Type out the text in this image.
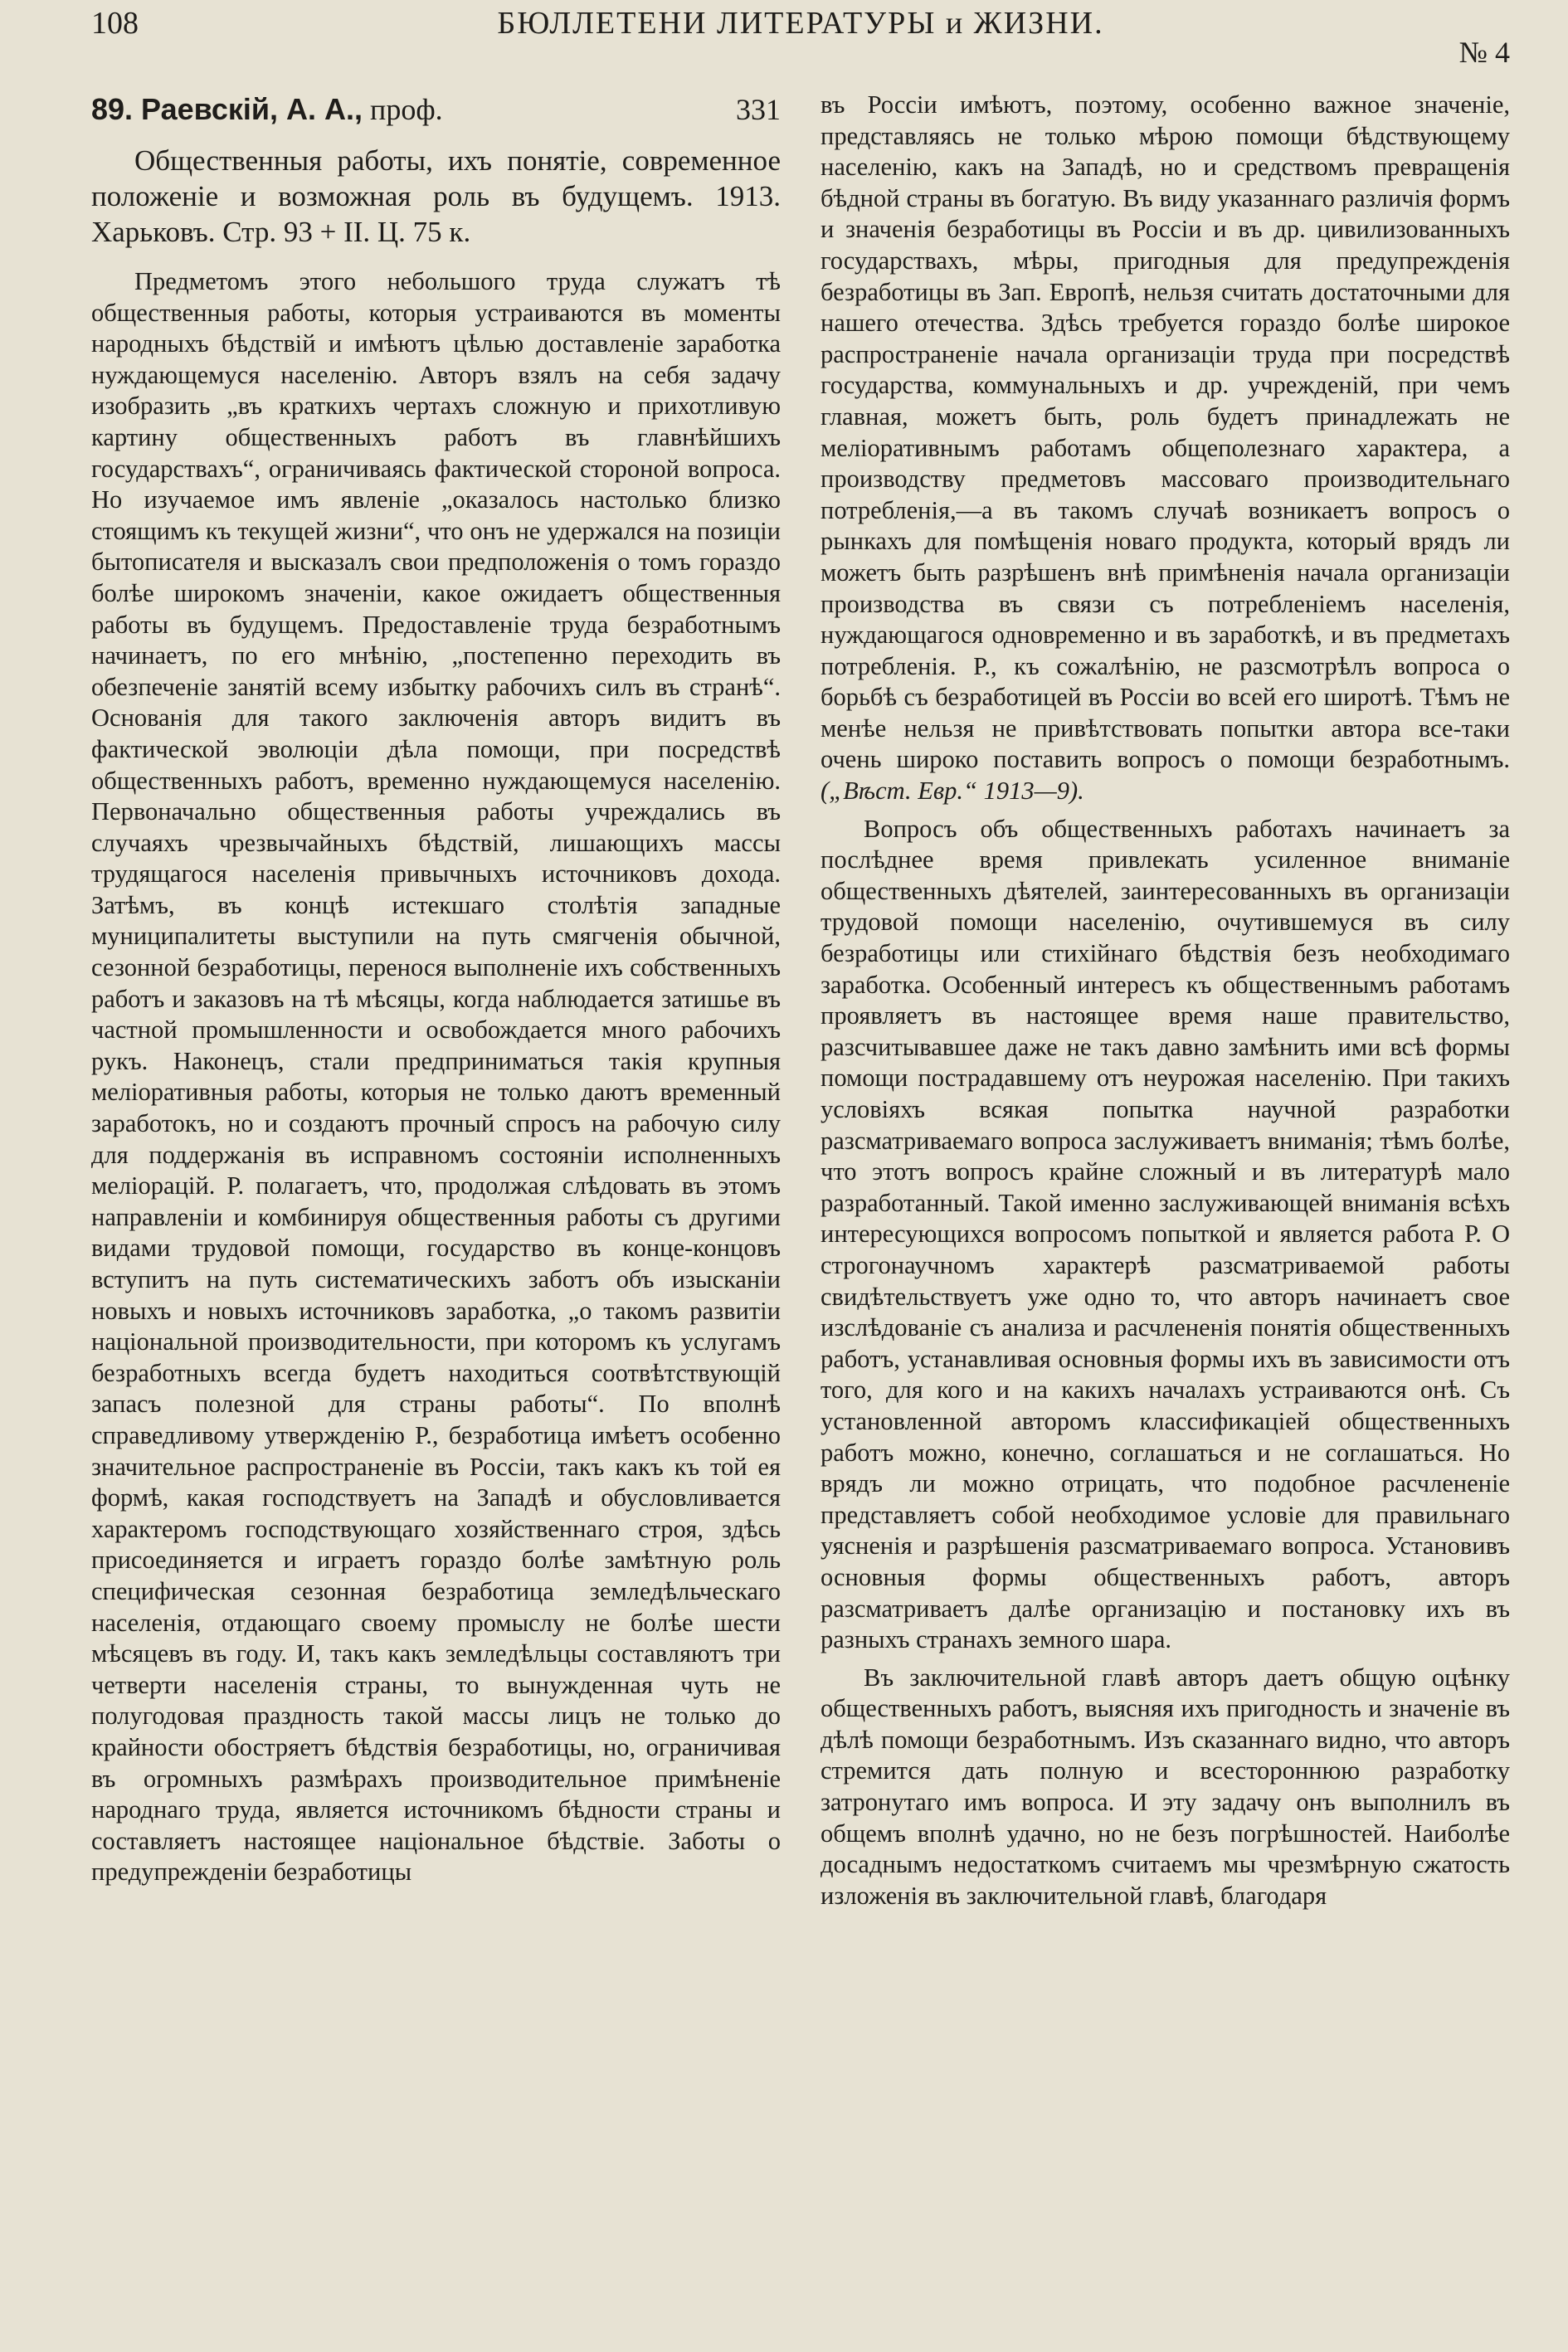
108	БЮЛЛЕТЕНИ ЛИТЕРАТУРЫ и ЖИЗНИ.
№ 4
89. Раевскій, А. А., проф.	331

Общественныя работы, ихъ понятіе, современное положеніе и возможная роль въ будущемъ. 1913. Харьковъ. Стр. 93 + II. Ц. 75 к.

Предметомъ этого небольшого труда служатъ тѣ общественныя работы, которыя устраиваются въ моменты народныхъ бѣдствій и имѣютъ цѣлью доставленіе заработка нуждающемуся населенію. Авторъ взялъ на себя задачу изобразить „въ краткихъ чертахъ сложную и прихотливую картину общественныхъ работъ въ главнѣйшихъ государствахъ“, ограничиваясь фактической стороной вопроса. Но изучаемое имъ явленіе „оказалось настолько близко стоящимъ къ текущей жизни“, что онъ не удержался на позиціи бытописателя и высказалъ свои предположенія о томъ гораздо болѣе широкомъ значеніи, какое ожидаетъ общественныя работы въ будущемъ. Предоставленіе труда безработнымъ начинаетъ, по его мнѣнію, „постепенно переходить въ обезпеченіе занятій всему избытку рабочихъ силъ въ странѣ“. Основанія для такого заключенія авторъ видитъ въ фактической эволюціи дѣла помощи, при посредствѣ общественныхъ работъ, временно нуждающемуся населенію. Первоначально общественныя работы учреждались въ случаяхъ чрезвычайныхъ бѣдствій, лишающихъ массы трудящагося населенія привычныхъ источниковъ дохода. Затѣмъ, въ концѣ истекшаго столѣтія западные муниципалитеты выступили на путь смягченія обычной, сезонной безработицы, перенося выполненіе ихъ собственныхъ работъ и заказовъ на тѣ мѣсяцы, когда наблюдается затишье въ частной промышленности и освобождается много рабочихъ рукъ. Наконецъ, стали предприниматься такія крупныя меліоративныя работы, которыя не только даютъ временный заработокъ, но и создаютъ прочный спросъ на рабочую силу для поддержанія въ исправномъ состояніи исполненныхъ меліорацій. Р. полагаетъ, что, продолжая слѣдовать въ этомъ направленіи и комбинируя общественныя работы съ другими видами трудовой помощи, государство въ конце-концовъ вступитъ на путь систематическихъ заботъ объ изысканіи новыхъ и новыхъ источниковъ заработка, „о такомъ развитіи національной производительности, при которомъ къ услугамъ безработныхъ всегда будетъ находиться соотвѣтствующій запасъ полезной для страны работы“. По вполнѣ справедливому утвержденію Р., безработица имѣетъ особенно значительное распространеніе въ Россіи, такъ какъ къ той ея формѣ, какая господствуетъ на Западѣ и обусловливается характеромъ господствующаго хозяйственнаго строя, здѣсь присоединяется и играетъ гораздо болѣе замѣтную роль специфическая сезонная безработица земледѣльческаго населенія, отдающаго своему промыслу не болѣе шести мѣсяцевъ въ году. И, такъ какъ земледѣльцы составляютъ три четверти населенія страны, то вынужденная чуть не полугодовая праздность такой массы лицъ не только до крайности обостряетъ бѣдствія безработицы, но, ограничивая въ огромныхъ размѣрахъ производительное примѣненіе народнаго труда, является источникомъ бѣдности страны и составляетъ настоящее національное бѣдствіе. Заботы о предупрежденіи безработицы

въ Россіи имѣютъ, поэтому, особенно важное значеніе, представляясь не только мѣрою помощи бѣдствующему населенію, какъ на Западѣ, но и средствомъ превращенія бѣдной страны въ богатую. Въ виду указаннаго различія формъ и значенія безработицы въ Россіи и въ др. цивилизованныхъ государствахъ, мѣры, пригодныя для предупрежденія безработицы въ Зап. Европѣ, нельзя считать достаточными для нашего отечества. Здѣсь требуется гораздо болѣе широкое распространеніе начала организаціи труда при посредствѣ государства, коммунальныхъ и др. учрежденій, при чемъ главная, можетъ быть, роль будетъ принадлежать не меліоративнымъ работамъ общеполезнаго характера, а производству предметовъ массоваго производительнаго потребленія,—а въ такомъ случаѣ возникаетъ вопросъ о рынкахъ для помѣщенія новаго продукта, который врядъ ли можетъ быть разрѣшенъ внѣ примѣненія начала организаціи производства въ связи съ потребленіемъ населенія, нуждающагося одновременно и въ заработкѣ, и въ предметахъ потребленія. Р., къ сожалѣнію, не разсмотрѣлъ вопроса о борьбѣ съ безработицей въ Россіи во всей его широтѣ. Тѣмъ не менѣе нельзя не привѣтствовать попытки автора все-таки очень широко поставить вопросъ о помощи безработнымъ. („Вѣст. Евр.“ 1913—9).

Вопросъ объ общественныхъ работахъ начинаетъ за послѣднее время привлекать усиленное вниманіе общественныхъ дѣятелей, заинтересованныхъ въ организаціи трудовой помощи населенію, очутившемуся въ силу безработицы или стихійнаго бѣдствія безъ необходимаго заработка. Особенный интересъ къ общественнымъ работамъ проявляетъ въ настоящее время наше правительство, разсчитывавшее даже не такъ давно замѣнить ими всѣ формы помощи пострадавшему отъ неурожая населенію. При такихъ условіяхъ всякая попытка научной разработки разсматриваемаго вопроса заслуживаетъ вниманія; тѣмъ болѣе, что этотъ вопросъ крайне сложный и въ литературѣ мало разработанный. Такой именно заслуживающей вниманія всѣхъ интересующихся вопросомъ попыткой и является работа Р. О строгонаучномъ характерѣ разсматриваемой работы свидѣтельствуетъ уже одно то, что авторъ начинаетъ свое изслѣдованіе съ анализа и расчлененія понятія общественныхъ работъ, устанавливая основныя формы ихъ въ зависимости отъ того, для кого и на какихъ началахъ устраиваются онѣ. Съ установленной авторомъ классификаціей общественныхъ работъ можно, конечно, соглашаться и не соглашаться. Но врядъ ли можно отрицать, что подобное расчлененіе представляетъ собой необходимое условіе для правильнаго уясненія и разрѣшенія разсматриваемаго вопроса. Установивъ основныя формы общественныхъ работъ, авторъ разсматриваетъ далѣе организацію и постановку ихъ въ разныхъ странахъ земного шара.

Въ заключительной главѣ авторъ даетъ общую оцѣнку общественныхъ работъ, выясняя ихъ пригодность и значеніе въ дѣлѣ помощи безработнымъ. Изъ сказаннаго видно, что авторъ стремится дать полную и всестороннюю разработку затронутаго имъ вопроса. И эту задачу онъ выполнилъ въ общемъ вполнѣ удачно, но не безъ погрѣшностей. Наиболѣе досаднымъ недостаткомъ считаемъ мы чрезмѣрную сжатость изложенія въ заключительной главѣ, благодаря
